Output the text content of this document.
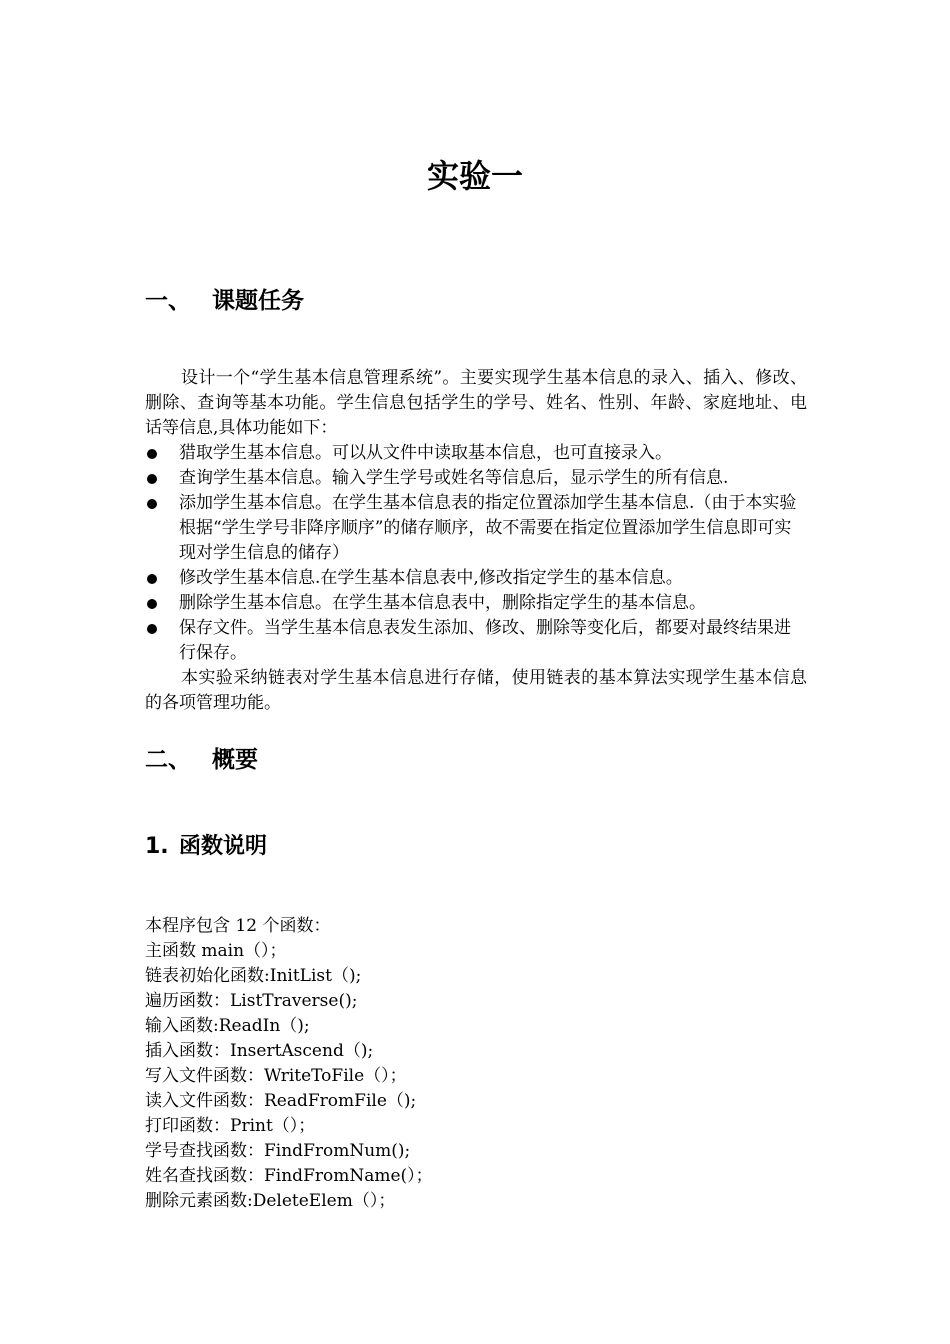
实验一
一、 课题任务

设计一个“学生基本信息管理系统”。主要实现学生基本信息的录入、插入、修改、删除、查询等基本功能。学生信息包括学生的学号、姓名、性别、年龄、家庭地址、电话等信息,具体功能如下：

猎取学生基本信息。可以从文件中读取基本信息，也可直接录入。
查询学生基本信息。输入学生学号或姓名等信息后，显示学生的所有信息.
添加学生基本信息。在学生基本信息表的指定位置添加学生基本信息.（由于本实验根据“学生学号非降序顺序”的储存顺序，故不需要在指定位置添加学生信息即可实现对学生信息的储存）
修改学生基本信息.在学生基本信息表中,修改指定学生的基本信息。
删除学生基本信息。在学生基本信息表中，删除指定学生的基本信息。
保存文件。当学生基本信息表发生添加、修改、删除等变化后，都要对最终结果进行保存。

本实验采纳链表对学生基本信息进行存储，使用链表的基本算法实现学生基本信息的各项管理功能。

二、 概要
1. 函数说明
本程序包含 12 个函数：
主函数 main（）；
链表初始化函数:InitList（);
遍历函数：ListTraverse();
输入函数:ReadIn（);
插入函数：InsertAscend（);
写入文件函数：WriteToFile（）；
读入文件函数：ReadFromFile（);
打印函数：Print（）；
学号查找函数：FindFromNum();
姓名查找函数：FindFromName(）；
删除元素函数:DeleteElem（）；
